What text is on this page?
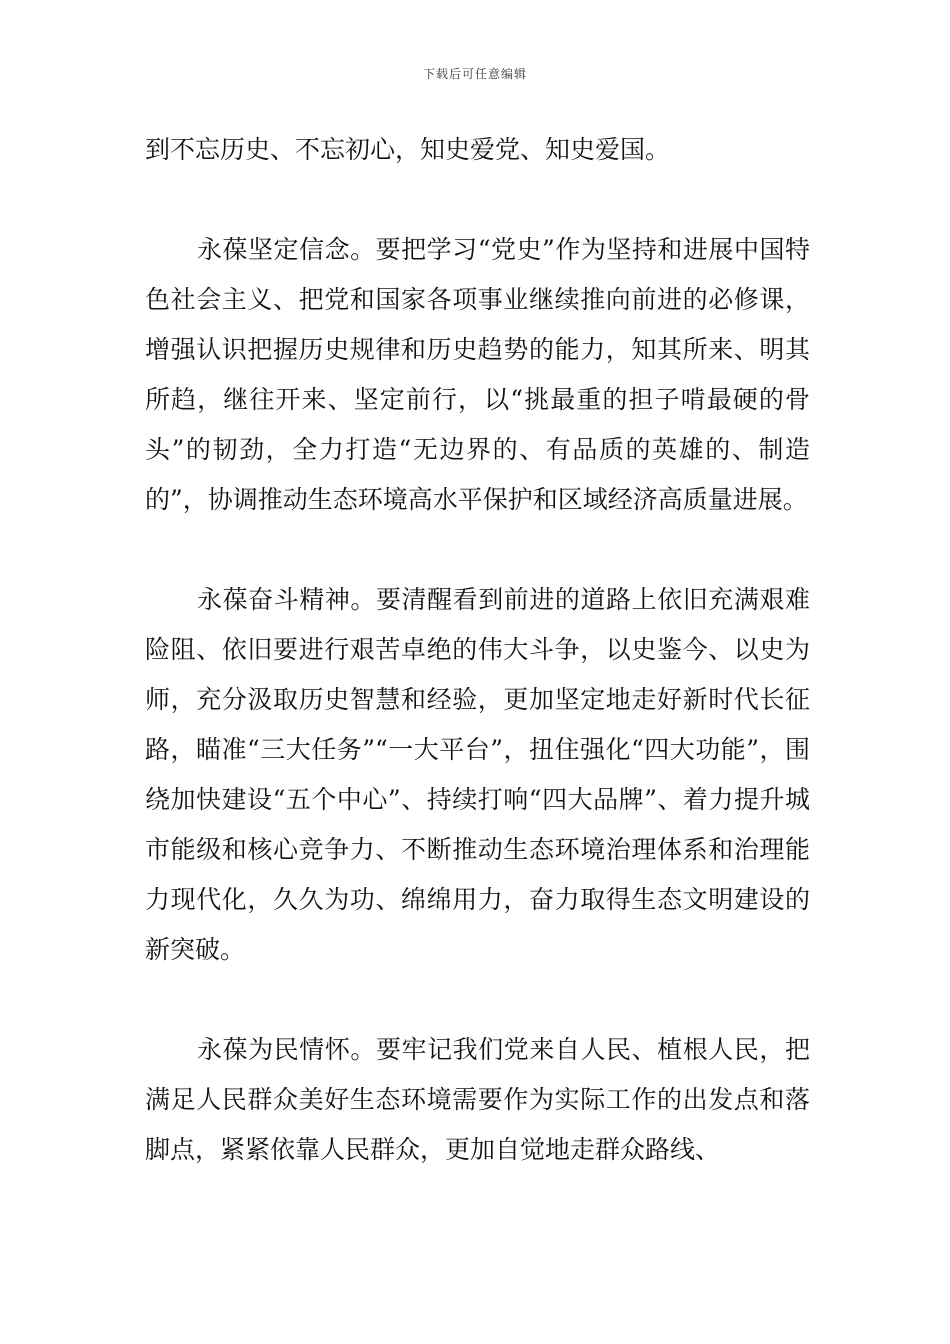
下载后可任意编辑

到不忘历史、不忘初心，知史爱党、知史爱国。

永葆坚定信念。要把学习“党史”作为坚持和进展中国特色社会主义、把党和国家各项事业继续推向前进的必修课，增强认识把握历史规律和历史趋势的能力，知其所来、明其所趋，继往开来、坚定前行，以“挑最重的担子啃最硬的骨头”的韧劲，全力打造“无边界的、有品质的英雄的、制造的”，协调推动生态环境高水平保护和区域经济高质量进展。

永葆奋斗精神。要清醒看到前进的道路上依旧充满艰难险阻、依旧要进行艰苦卓绝的伟大斗争，以史鉴今、以史为师，充分汲取历史智慧和经验，更加坚定地走好新时代长征路，瞄准“三大任务”“一大平台”，扭住强化“四大功能”，围绕加快建设“五个中心”、持续打响“四大品牌”、着力提升城市能级和核心竞争力、不断推动生态环境治理体系和治理能力现代化，久久为功、绵绵用力，奋力取得生态文明建设的新突破。

永葆为民情怀。要牢记我们党来自人民、植根人民，把满足人民群众美好生态环境需要作为实际工作的出发点和落脚点，紧紧依靠人民群众，更加自觉地走群众路线、
